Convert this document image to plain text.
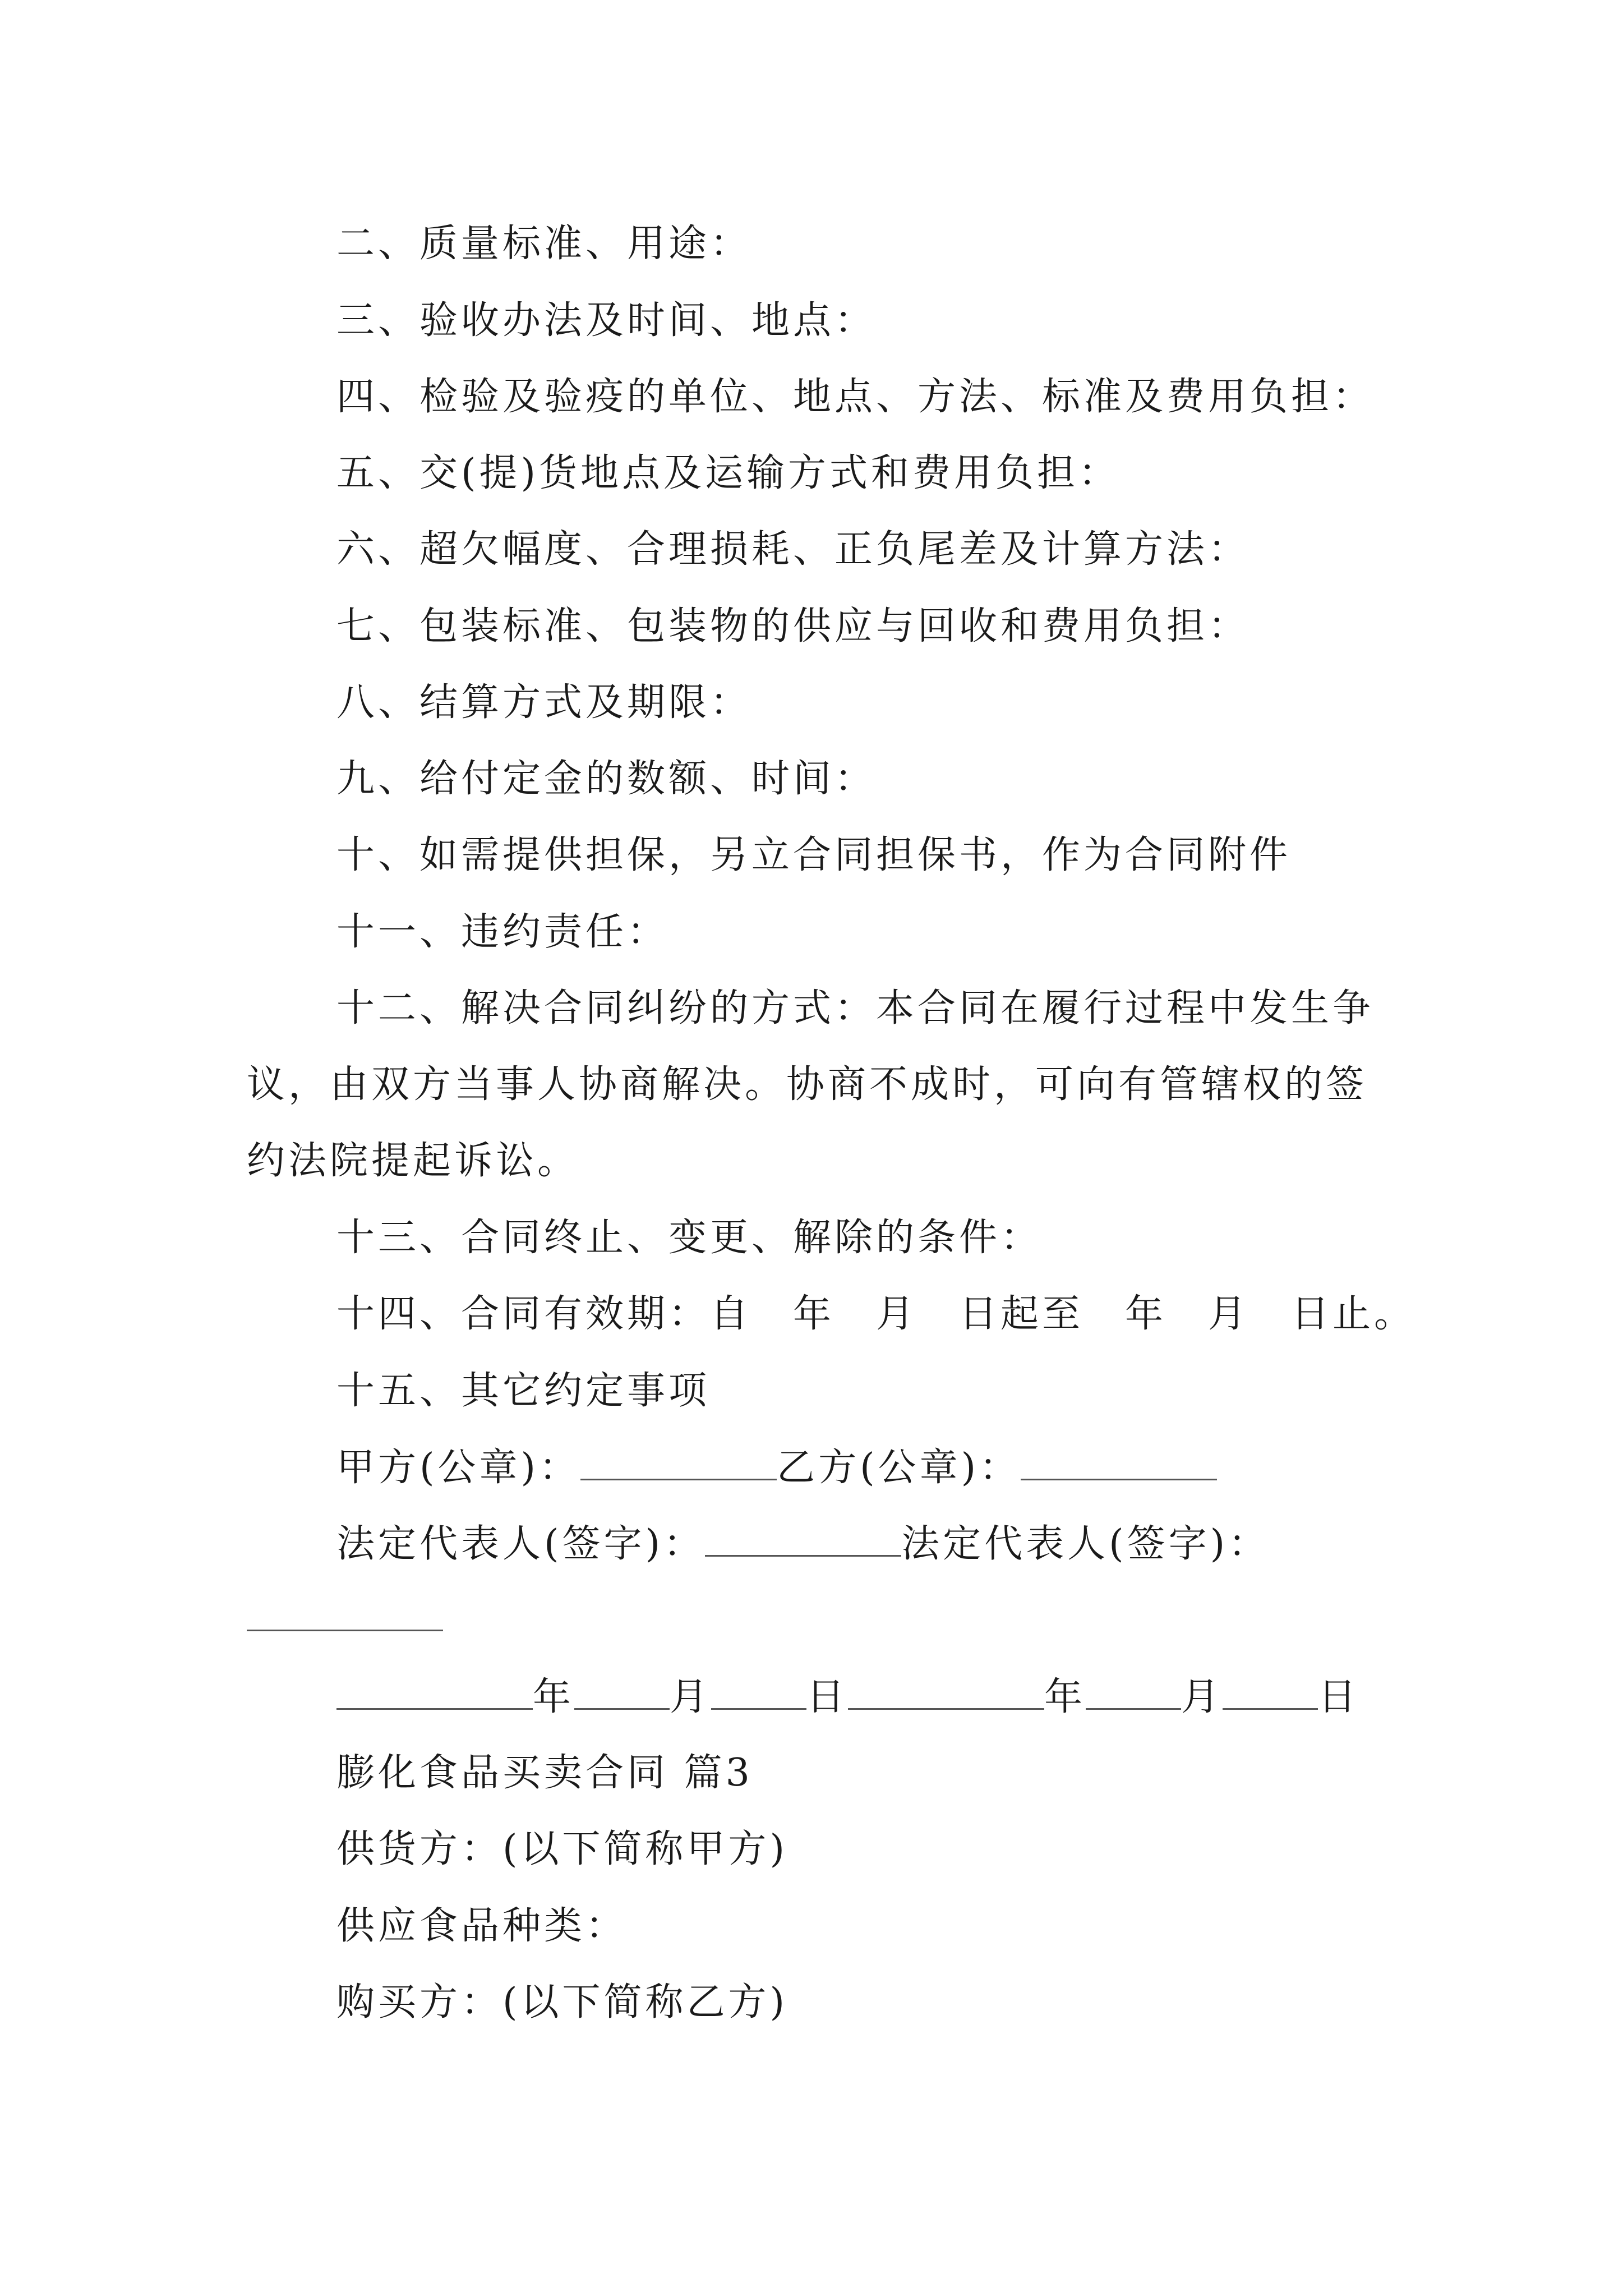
二、质量标准、用途：
三、验收办法及时间、地点：
四、检验及验疫的单位、地点、方法、标准及费用负担：
五、交(提)货地点及运输方式和费用负担：
六、超欠幅度、合理损耗、正负尾差及计算方法：
七、包装标准、包装物的供应与回收和费用负担：
八、结算方式及期限：
九、给付定金的数额、时间：
十、如需提供担保，另立合同担保书，作为合同附件
十一、违约责任：
十二、解决合同纠纷的方式：本合同在履行过程中发生争议，由双方当事人协商解决。协商不成时，可向有管辖权的签约法院提起诉讼。
十三、合同终止、变更、解除的条件：
十四、合同有效期：自　年　月　日起至　年　月　日止。
十五、其它约定事项
甲方(公章)：	乙方(公章)：
法定代表人(签字)：	法定代表人(签字)：
年	月	日	年	月	日
膨化食品买卖合同 篇3
供货方：(以下简称甲方)
供应食品种类：
购买方：(以下简称乙方)
